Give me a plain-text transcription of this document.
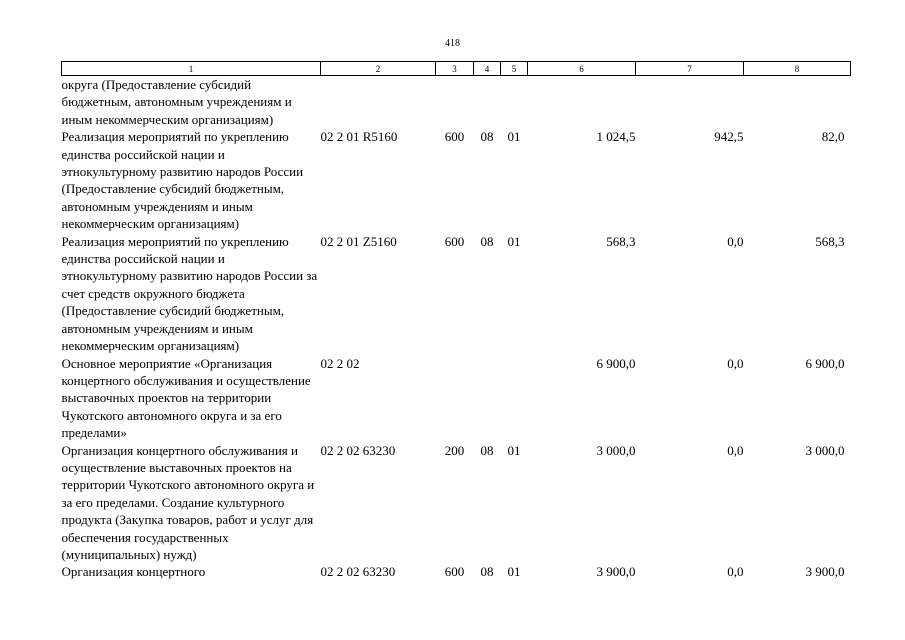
418
1	2	3	4	5	6	7	8
округа (Предоставление субсидий бюджетным, автономным учреждениям и иным некоммерческим организациям)							
Реализация мероприятий по укреплению единства российской нации и этнокультурному развитию народов России (Предоставление субсидий бюджетным, автономным учреждениям и иным некоммерческим организациям)	02 2 01 R5160	600	08	01	1 024,5	942,5	82,0
Реализация мероприятий по укреплению единства российской нации и этнокультурному развитию народов России за счет средств окружного бюджета (Предоставление субсидий бюджетным, автономным учреждениям и иным некоммерческим организациям)	02 2 01 Z5160	600	08	01	568,3	0,0	568,3
Основное мероприятие «Организация концертного обслуживания и осуществление выставочных проектов на территории Чукотского автономного округа и за его пределами»	02 2 02				6 900,0	0,0	6 900,0
Организация концертного обслуживания и осуществление выставочных проектов на территории Чукотского автономного округа и за его пределами. Создание культурного продукта (Закупка товаров, работ и услуг для обеспечения государственных (муниципальных) нужд)	02 2 02 63230	200	08	01	3 000,0	0,0	3 000,0
Организация концертного	02 2 02 63230	600	08	01	3 900,0	0,0	3 900,0
